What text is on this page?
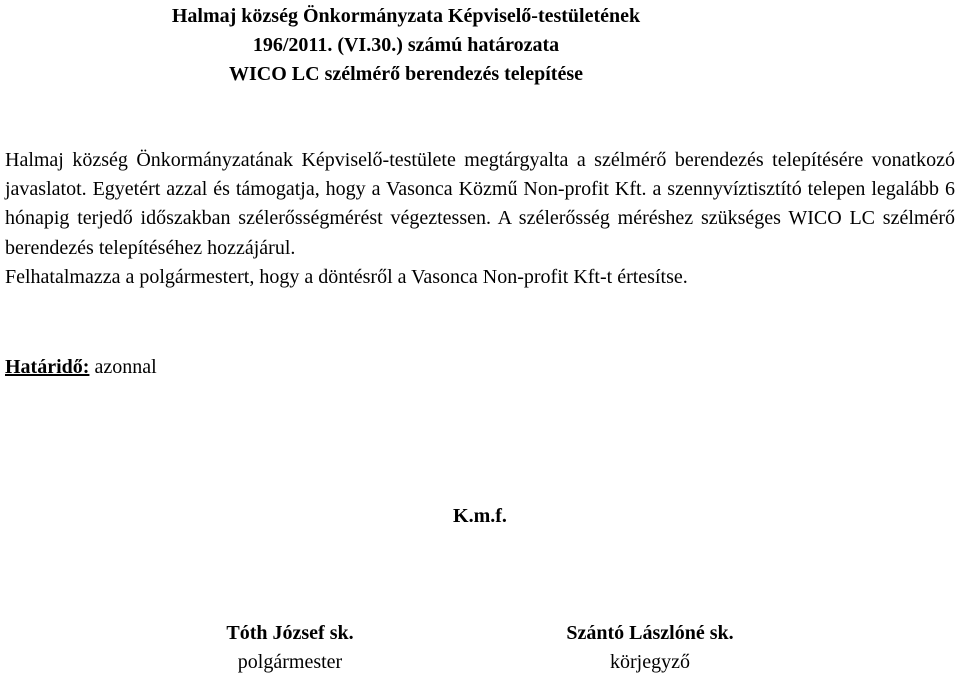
Halmaj község Önkormányzata Képviselő-testületének
196/2011. (VI.30.) számú határozata
WICO LC szélmérő berendezés telepítése
Halmaj község Önkormányzatának Képviselő-testülete megtárgyalta a szélmérő berendezés telepítésére vonatkozó javaslatot. Egyetért azzal és támogatja, hogy a Vasonca Közmű Non-profit Kft. a szennyvíztisztító telepen legalább 6 hónapig terjedő időszakban szélerősségmérést végeztessen. A szélerősség méréshez szükséges WICO LC szélmérő berendezés telepítéséhez hozzájárul.
Felhatalmazza a polgármestert, hogy a döntésről a Vasonca Non-profit Kft-t értesítse.
Határidő: azonnal
K.m.f.
Tóth József sk.
polgármester
Szántó Lászlóné sk.
körjegyző
